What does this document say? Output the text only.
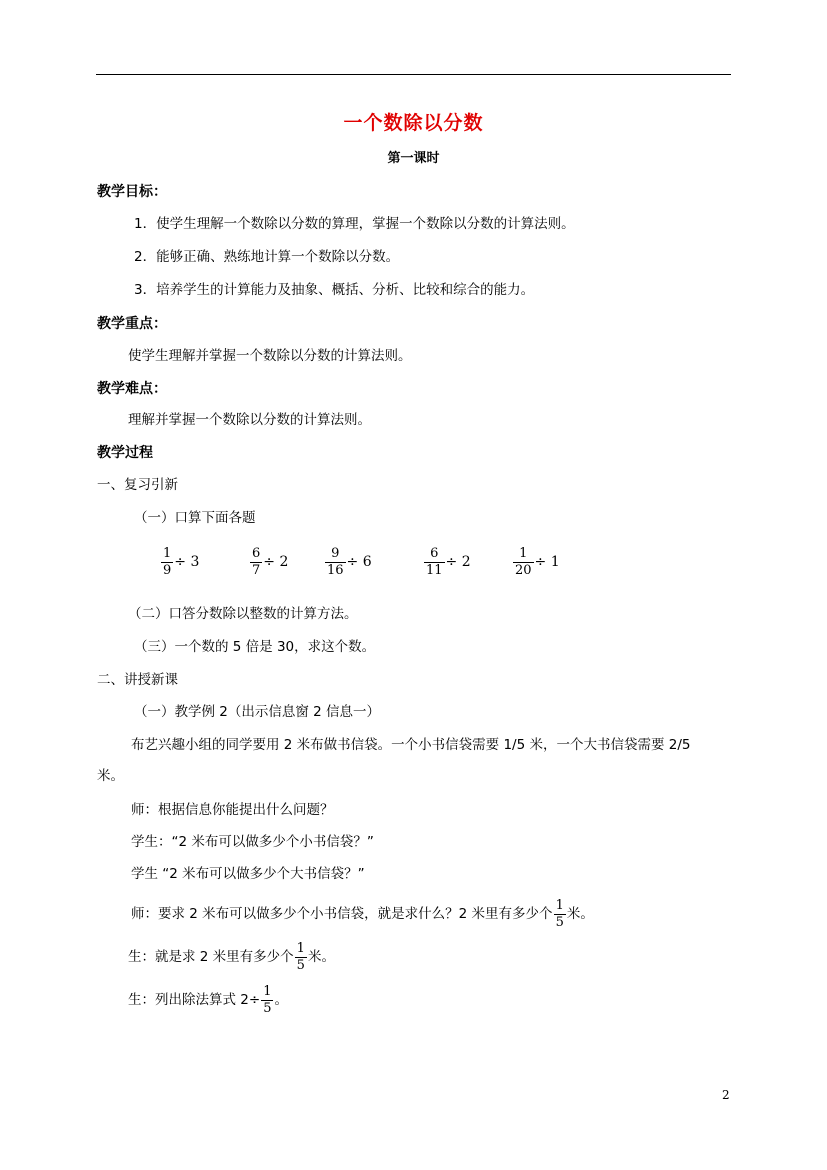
一个数除以分数
第一课时
教学目标：
1．使学生理解一个数除以分数的算理，掌握一个数除以分数的计算法则。
2．能够正确、熟练地计算一个数除以分数。
3．培养学生的计算能力及抽象、概括、分析、比较和综合的能力。
教学重点：
使学生理解并掌握一个数除以分数的计算法则。
教学难点：
理解并掌握一个数除以分数的计算法则。
教学过程
一、复习引新
（一）口算下面各题
$\frac{1}{9} \div 3$	$\frac{6}{7} \div 2$	$\frac{9}{16} \div 6$	$\frac{6}{11} \div 2$	$\frac{1}{20} \div 1$
（二）口答分数除以整数的计算方法。
（三）一个数的 5 倍是 30，求这个数。
二、讲授新课
（一）教学例 2（出示信息窗 2 信息一）
布艺兴趣小组的同学要用 2 米布做书信袋。一个小书信袋需要 1/5 米，一个大书信袋需要 2/5
米。
师：根据信息你能提出什么问题？
学生：“2 米布可以做多少个小书信袋？”
学生 “2 米布可以做多少个大书信袋？”
师：要求 2 米布可以做多少个小书信袋，就是求什么？2 米里有多少个 $\frac{1}{5}$ 米。
生：就是求 2 米里有多少个 $\frac{1}{5}$ 米。
生：列出除法算式 $2\div \frac{1}{5}$ 。
2
